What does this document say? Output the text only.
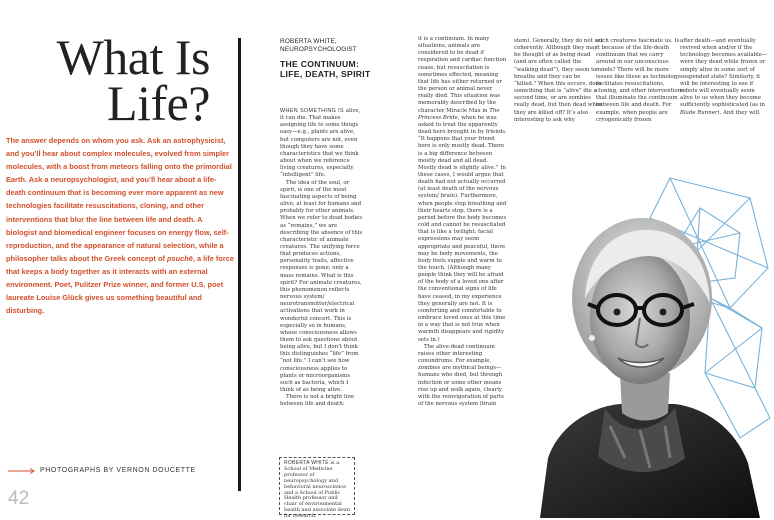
What Is Life?

The answer depends on whom you ask. Ask an astrophysicist, and you’ll hear about complex molecules, evolved from simpler molecules, with a boost from meteors falling onto the primordial Earth. Ask a neuropsychologist, and you’ll hear about a life-death continuum that is becoming ever more apparent as new technologies facilitate resuscitations, cloning, and other interventions that blur the line between life and death. A biologist and biomedical engineer focuses on energy flow, self-reproduction, and the appearance of natural selection, while a philosopher talks about the Greek concept of psuchē, a life force that keeps a body together as it interacts with an external environment. Poet, Pulitzer Prize winner, and former U.S. poet laureate Louise Glück gives us something beautiful and disturbing.

PHOTOGRAPHS BY VERNON DOUCETTE
42
ROBERTA WHITE,
NEUROPSYCHOLOGIST
THE CONTINUUM: LIFE, DEATH, SPIRIT

WHEN SOMETHING IS alive, it can die. That makes assigning life to some things easy—e.g., plants are alive, but computers are not, even though they have some characteristics that we think about when we reference living creatures, especially “intelligent” life.

The idea of the soul, or spirit, is one of the most fascinating aspects of being alive, at least for humans and probably for other animals. When we refer to dead bodies as “remains,” we are describing the absence of this characteristic of animate creatures. The unifying force that produces actions, personality traits, affective responses is gone; only a mass remains. What is this spirit? For animate creatures, this phenomenon reflects nervous system/ neurotransmitter/electrical activations that work in wonderful concert. This is especially so in humans, whose consciousness allows them to ask questions about being alive, but I don’t think this distinguishes “life” from “not life.” I can’t see how consciousness applies to plants or microorganisms such as bacteria, which I think of as being alive.

There is not a bright line between life and death:

ROBERTA WHITE is a School of Medicine professor of neuropsychology and behavioral neuroscience and a School of Public Health professor and chair of environmental health and associate dean for research.

it is a continuum. In many situations, animals are considered to be dead if respiration and cardiac function cease, but resuscitation is sometimes effected, meaning that life has either returned or the person or animal never really died. This situation was memorably described by the character Miracle Max in The Princess Bride, when he was asked to treat the apparently dead hero brought in by friends. “It happens that your friend here is only mostly dead. There is a big difference between mostly dead and all dead. Mostly dead is slightly alive.” In these cases, I would argue that death had not actually occurred (at least death of the nervous system/ brain). Furthermore, when people stop breathing and their hearts stop, there is a period before the body becomes cold and cannot be resuscitated that is like a twilight: facial expressions may seem appropriate and peaceful, there may be body movements, the body feels supple and warm to the touch. (Although many people think they will be afraid of the body of a loved one after the conventional signs of life have ceased, in my experience they generally are not. It is comforting and comfortable to embrace loved ones at this time in a way that is not true when warmth disappears and rigidity sets in.)

The alive-dead continuum raises other interesting conundrums. For example, zombies are mythical beings—humans who died, but through infection or some other means rise up and walk again, clearly with the reinvigoration of parts of the nervous system (brain

stem). Generally, they do not act coherently. Although they may be thought of as being dead (and are often called the “walking dead”), they seem to breathe and they can be “killed.” When this occurs, does something that is “alive” die a second time, or are zombies really dead, but then dead when they are killed off? It’s also interesting to ask why

such creatures fascinate us. Is it because of the life-death continuum that we carry around in our unconscious minds? There will be more issues like these as technology facilitates resuscitations, cloning, and other interventions that illuminate the continuum between life and death. For example, when people are cryogenically frozen

after death—and eventually revived when and/or if the technology becomes available—were they dead while frozen or simply alive in some sort of suspended state? Similarly, it will be interesting to see if robots will eventually seem alive to us when they become sufficiently sophisticated (as in Blade Runner). And they will.
